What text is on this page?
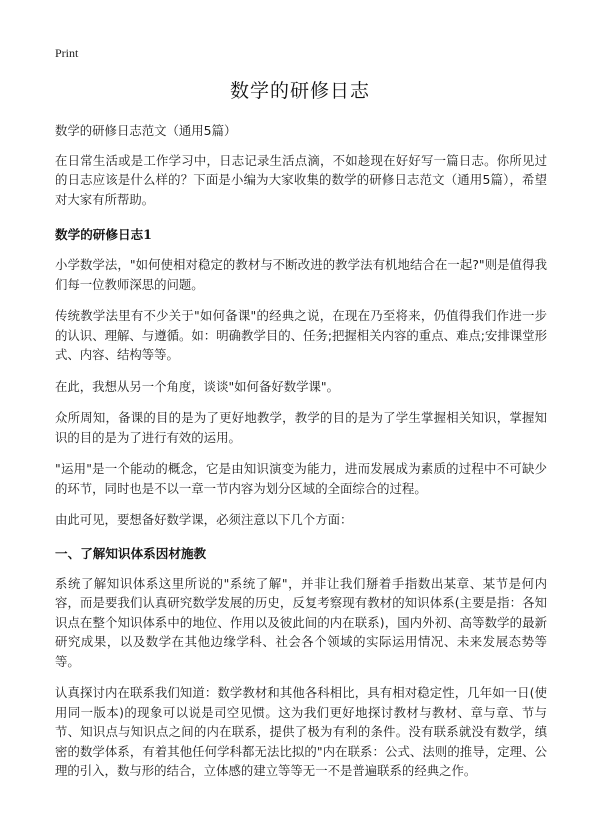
Print
数学的研修日志

数学的研修日志范文（通用5篇）

在日常生活或是工作学习中，日志记录生活点滴，不如趁现在好好写一篇日志。你所见过的日志应该是什么样的？下面是小编为大家收集的数学的研修日志范文（通用5篇），希望对大家有所帮助。

数学的研修日志1

小学数学法，"如何使相对稳定的教材与不断改进的教学法有机地结合在一起?"则是值得我们每一位教师深思的问题。

传统教学法里有不少关于"如何备课"的经典之说，在现在乃至将来，仍值得我们作进一步的认识、理解、与遵循。如：明确教学目的、任务;把握相关内容的重点、难点;安排课堂形式、内容、结构等等。

在此，我想从另一个角度，谈谈"如何备好数学课"。

众所周知，备课的目的是为了更好地教学，教学的目的是为了学生掌握相关知识，掌握知识的目的是为了进行有效的运用。

"运用"是一个能动的概念，它是由知识演变为能力，进而发展成为素质的过程中不可缺少的环节，同时也是不以一章一节内容为划分区域的全面综合的过程。

由此可见，要想备好数学课，必须注意以下几个方面：

一、了解知识体系因材施教

系统了解知识体系这里所说的"系统了解"，并非让我们掰着手指数出某章、某节是何内容，而是要我们认真研究数学发展的历史，反复考察现有教材的知识体系(主要是指：各知识点在整个知识体系中的地位、作用以及彼此间的内在联系)，国内外初、高等数学的最新研究成果，以及数学在其他边缘学科、社会各个领域的实际运用情况、未来发展态势等等。

认真探讨内在联系我们知道：数学教材和其他各科相比，具有相对稳定性，几年如一日(使用同一版本)的现象可以说是司空见惯。这为我们更好地探讨教材与教材、章与章、节与节、知识点与知识点之间的内在联系，提供了极为有利的条件。没有联系就没有数学，缜密的数学体系，有着其他任何学科都无法比拟的"内在联系：公式、法则的推导，定理、公理的引入，数与形的结合，立体感的建立等等无一不是普遍联系的经典之作。
